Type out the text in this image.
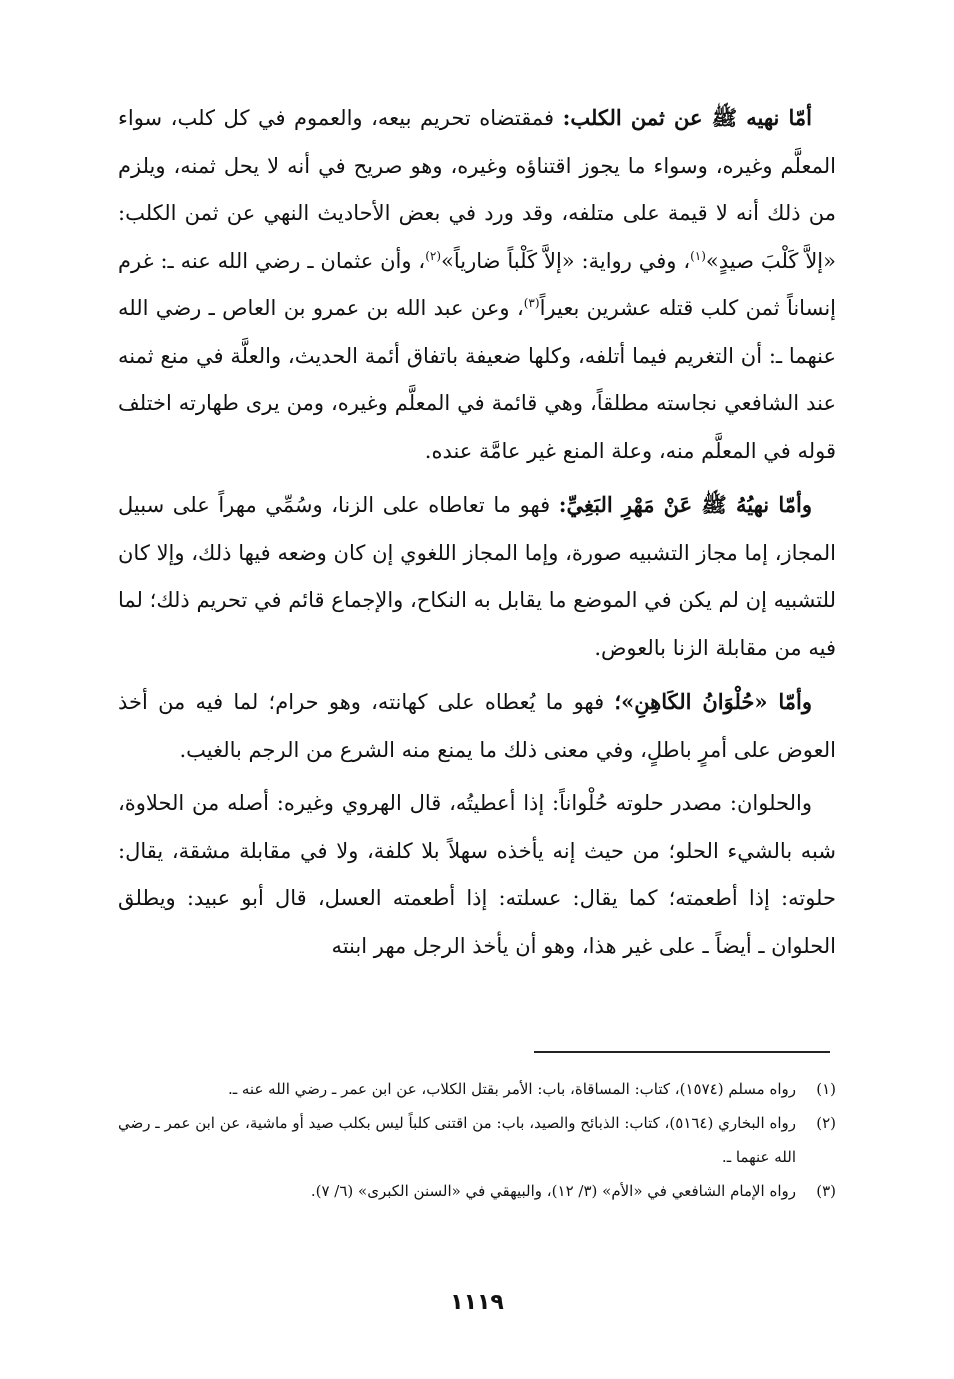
أمّا نهيه ﷺ عن ثمن الكلب: فمقتضاه تحريم بيعه، والعموم في كل كلب، سواء المعلَّم وغيره، وسواء ما يجوز اقتناؤه وغيره، وهو صريح في أنه لا يحل ثمنه، ويلزم من ذلك أنه لا قيمة على متلفه، وقد ورد في بعض الأحاديث النهي عن ثمن الكلب: «إلاَّ كَلْبَ صيدٍ»$^{(١)}$، وفي رواية: «إلاَّ كَلْباً ضارياً»$^{(٢)}$، وأن عثمان ـ رضي الله عنه ـ: غرم إنساناً ثمن كلب قتله عشرين بعيراً$^{(٣)}$، وعن عبد الله بن عمرو بن العاص ـ رضي الله عنهما ـ: أن التغريم فيما أتلفه، وكلها ضعيفة باتفاق أئمة الحديث، والعلَّة في منع ثمنه عند الشافعي نجاسته مطلقاً، وهي قائمة في المعلَّم وغيره، ومن يرى طهارته اختلف قوله في المعلَّم منه، وعلة المنع غير عامَّة عنده.

وأمّا نهيُهُ ﷺ عَنْ مَهْرِ البَغِيِّ: فهو ما تعاطاه على الزنا، وسُمِّي مهراً على سبيل المجاز، إما مجاز التشبيه صورة، وإما المجاز اللغوي إن كان وضعه فيها ذلك، وإلا كان للتشبيه إن لم يكن في الموضع ما يقابل به النكاح، والإجماع قائم في تحريم ذلك؛ لما فيه من مقابلة الزنا بالعوض.

وأمّا «حُلْوَانُ الكَاهِنِ»؛ فهو ما يُعطاه على كهانته، وهو حرام؛ لما فيه من أخذ العوض على أمرٍ باطلٍ، وفي معنى ذلك ما يمنع منه الشرع من الرجم بالغيب.

والحلوان: مصدر حلوته حُلْواناً: إذا أعطيتُه، قال الهروي وغيره: أصله من الحلاوة، شبه بالشيء الحلو؛ من حيث إنه يأخذه سهلاً بلا كلفة، ولا في مقابلة مشقة، يقال: حلوته: إذا أطعمته؛ كما يقال: عسلته: إذا أطعمته العسل، قال أبو عبيد: ويطلق الحلوان ـ أيضاً ـ على غير هذا، وهو أن يأخذ الرجل مهر ابنته

(١)
رواه مسلم (١٥٧٤)، كتاب: المساقاة، باب: الأمر بقتل الكلاب، عن ابن عمر ـ رضي الله عنه ـ.
(٢)
رواه البخاري (٥١٦٤)، كتاب: الذبائح والصيد، باب: من اقتنى كلباً ليس بكلب صيد أو ماشية، عن ابن عمر ـ رضي الله عنهما ـ.
(٣)
رواه الإمام الشافعي في «الأم» (٣/ ١٢)، والبيهقي في «السنن الكبرى» (٦/ ٧).
١١١٩
